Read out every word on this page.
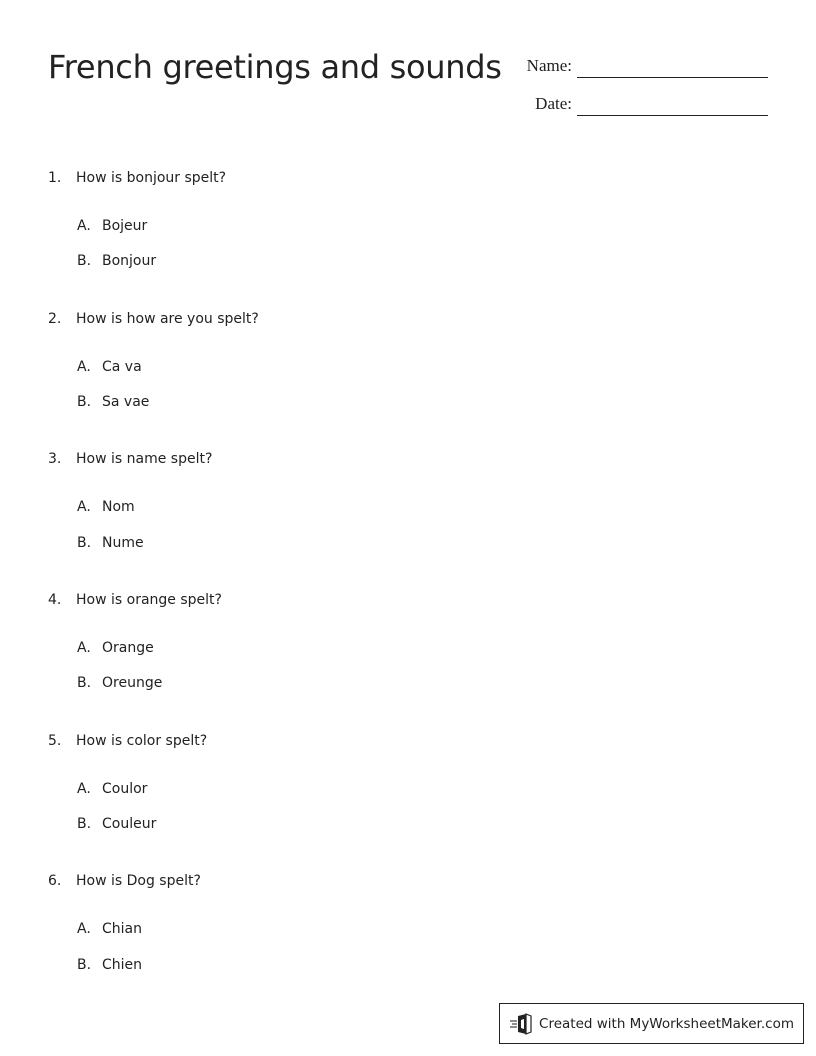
French greetings and sounds Name:
Date:
1. How is bonjour spelt?
A. Bojeur
B. Bonjour
2. How is how are you spelt?
A. Ca va
B. Sa vae
3. How is name spelt?
A. Nom
B. Nume
4. How is orange spelt?
A. Orange
B. Oreunge
5. How is color spelt?
A. Coulor
B. Couleur
6. How is Dog spelt?
A. Chian
B. Chien
Created with MyWorksheetMaker.com
